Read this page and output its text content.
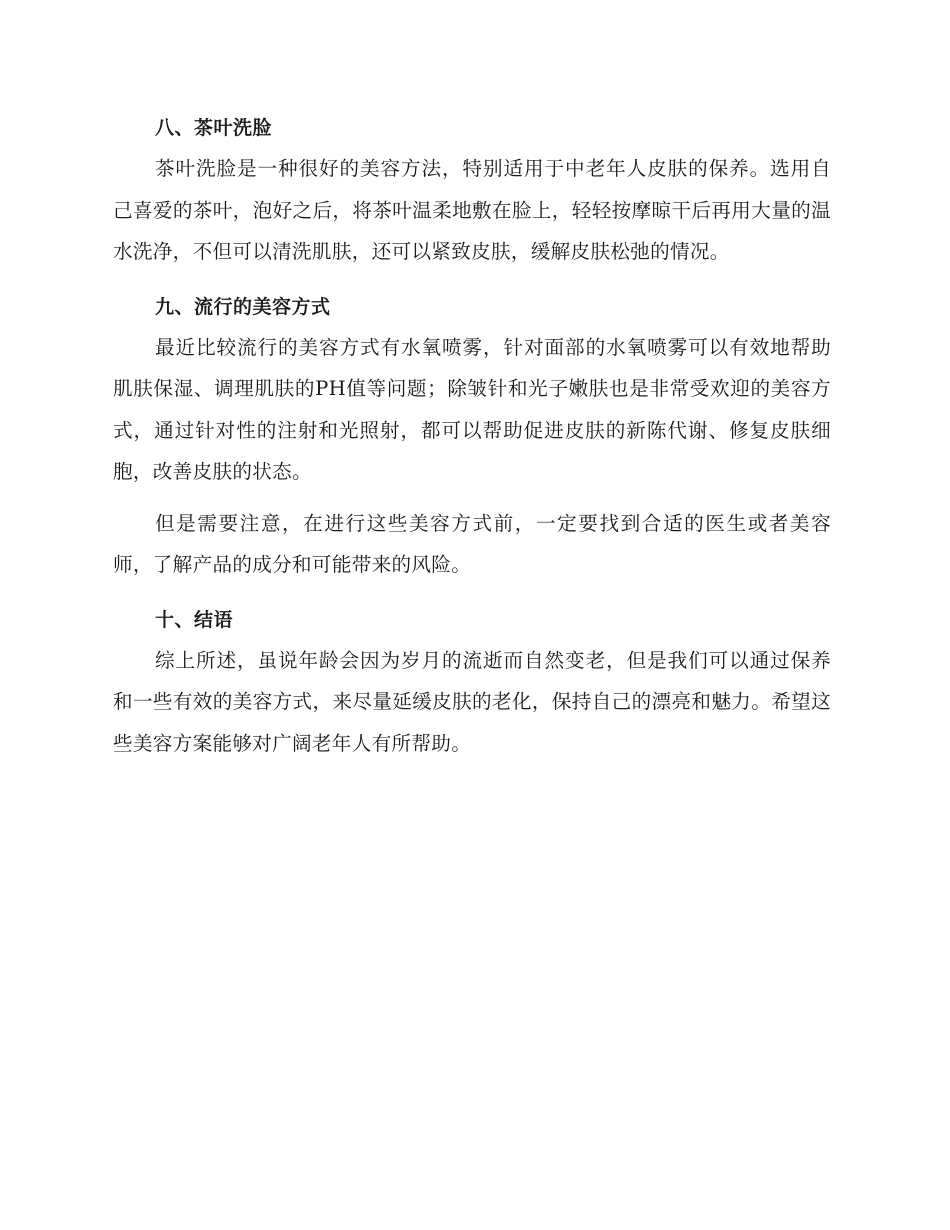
八、茶叶洗脸

茶叶洗脸是一种很好的美容方法，特别适用于中老年人皮肤的保养。选用自己喜爱的茶叶，泡好之后，将茶叶温柔地敷在脸上，轻轻按摩晾干后再用大量的温水洗净，不但可以清洗肌肤，还可以紧致皮肤，缓解皮肤松弛的情况。

九、流行的美容方式

最近比较流行的美容方式有水氧喷雾，针对面部的水氧喷雾可以有效地帮助肌肤保湿、调理肌肤的PH值等问题；除皱针和光子嫩肤也是非常受欢迎的美容方式，通过针对性的注射和光照射，都可以帮助促进皮肤的新陈代谢、修复皮肤细胞，改善皮肤的状态。

但是需要注意，在进行这些美容方式前，一定要找到合适的医生或者美容师，了解产品的成分和可能带来的风险。

十、结语

综上所述，虽说年龄会因为岁月的流逝而自然变老，但是我们可以通过保养和一些有效的美容方式，来尽量延缓皮肤的老化，保持自己的漂亮和魅力。希望这些美容方案能够对广阔老年人有所帮助。
